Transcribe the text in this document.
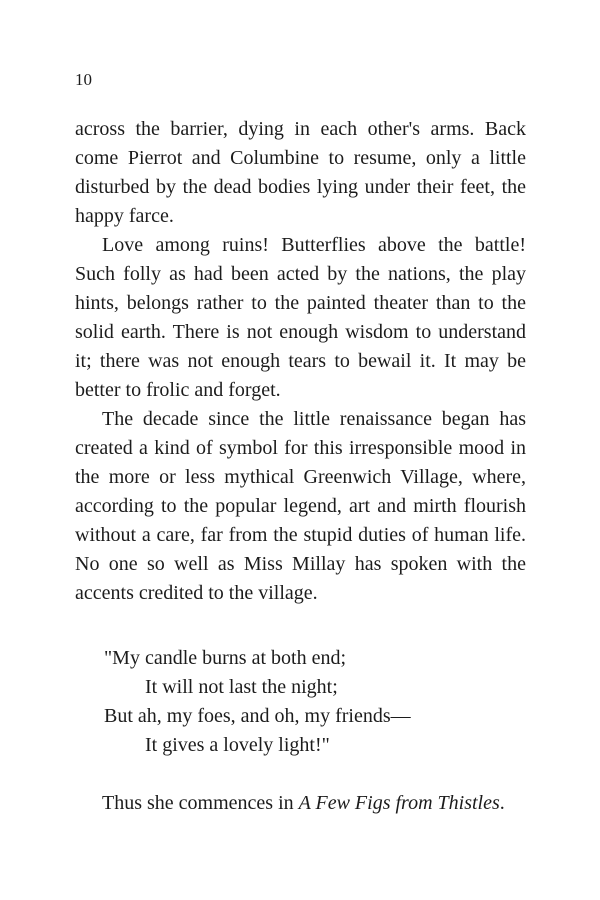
10

across the barrier, dying in each other's arms. Back come Pierrot and Columbine to resume, only a little disturbed by the dead bodies lying under their feet, the happy farce.

Love among ruins! Butterflies above the battle! Such folly as had been acted by the nations, the play hints, belongs rather to the painted theater than to the solid earth. There is not enough wisdom to understand it; there was not enough tears to bewail it. It may be better to frolic and forget.

The decade since the little renaissance began has created a kind of symbol for this irresponsible mood in the more or less mythical Greenwich Village, where, according to the popular legend, art and mirth flourish without a care, far from the stupid duties of human life. No one so well as Miss Millay has spoken with the accents credited to the village.

"My candle burns at both end;
It will not last the night;
But ah, my foes, and oh, my friends—
It gives a lovely light!"
Thus she commences in A Few Figs from Thistles.
